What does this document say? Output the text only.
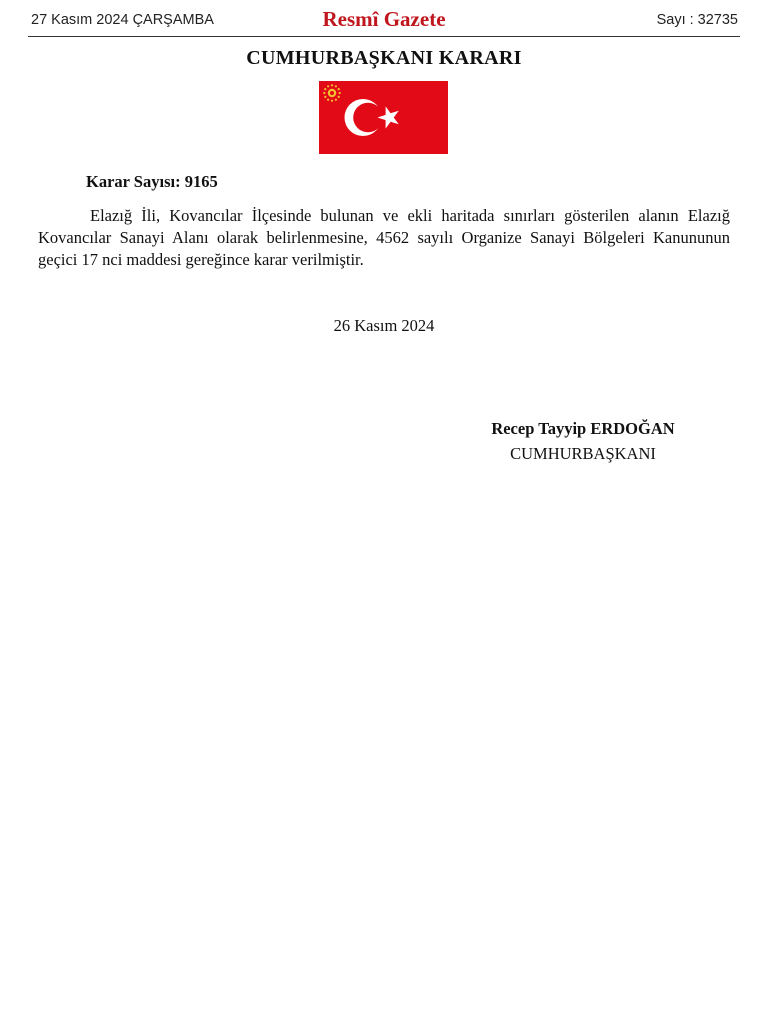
27 Kasım 2024 ÇARŞAMBA	Resmî Gazete	Sayı : 32735
CUMHURBAŞKANI KARARI
Karar Sayısı: 9165
Elazığ İli, Kovancılar İlçesinde bulunan ve ekli haritada sınırları gösterilen alanın Elazığ Kovancılar Sanayi Alanı olarak belirlenmesine, 4562 sayılı Organize Sanayi Bölgeleri Kanununun geçici 17 nci maddesi gereğince karar verilmiştir.
26 Kasım 2024
Recep Tayyip ERDOĞAN
CUMHURBAŞKANI
